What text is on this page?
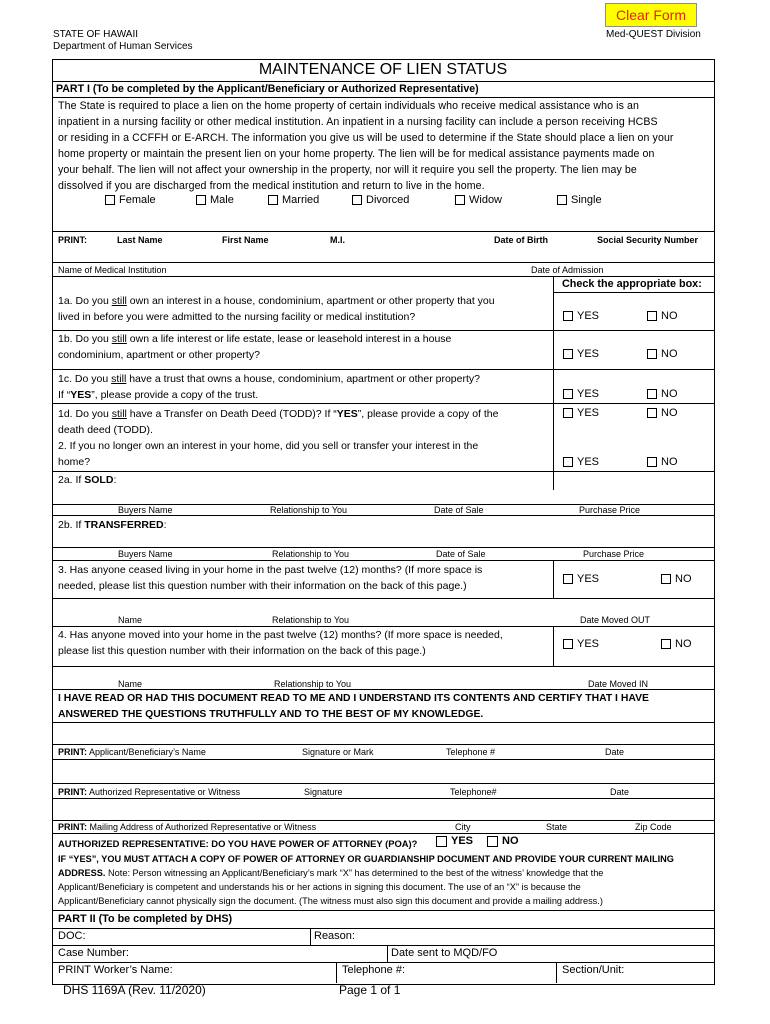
Clear Form
STATE OF HAWAII
Department of Human Services
Med-QUEST Division
MAINTENANCE OF LIEN STATUS
PART I (To be completed by the Applicant/Beneficiary or Authorized Representative)
The State is required to place a lien on the home property of certain individuals who receive medical assistance who is an
inpatient in a nursing facility or other medical institution. An inpatient in a nursing facility can include a person receiving HCBS
or residing in a CCFFH or E-ARCH. The information you give us will be used to determine if the State should place a lien on your
home property or maintain the present lien on your home property. The lien will be for medical assistance payments made on
your behalf. The lien will not affect your ownership in the property, nor will it require you sell the property. The lien may be
dissolved if you are discharged from the medical institution and return to live in the home.
Female	Male	Married	Divorced	Widow	Single
PRINT:	Last Name	First Name	M.I.	Date of Birth	Social Security Number
Name of Medical Institution	Date of Admission
Check the appropriate box:
1a. Do you still own an interest in a house, condominium, apartment or other property that you
lived in before you were admitted to the nursing facility or medical institution?	YES	NO
1b. Do you still own a life interest or life estate, lease or leasehold interest in a house
condominium, apartment or other property?	YES	NO
1c. Do you still have a trust that owns a house, condominium, apartment or other property?
If “YES”, please provide a copy of the trust.	YES	NO
1d. Do you still have a Transfer on Death Deed (TODD)? If “YES”, please provide a copy of the
death deed (TODD).
YES	NO
2. If you no longer own an interest in your home, did you sell or transfer your interest in the
home?	YES	NO
2a. If SOLD:
Buyers Name	Relationship to You	Date of Sale	Purchase Price
2b. If TRANSFERRED:
Buyers Name	Relationship to You	Date of Sale	Purchase Price
3. Has anyone ceased living in your home in the past twelve (12) months? (If more space is
needed, please list this question number with their information on the back of this page.)
YES	NO
Name	Relationship to You	Date Moved OUT
4. Has anyone moved into your home in the past twelve (12) months? (If more space is needed,
please list this question number with their information on the back of this page.)
YES	NO
Name	Relationship to You	Date Moved IN
I HAVE READ OR HAD THIS DOCUMENT READ TO ME AND I UNDERSTAND ITS CONTENTS AND CERTIFY THAT I HAVE
ANSWERED THE QUESTIONS TRUTHFULLY AND TO THE BEST OF MY KNOWLEDGE.
PRINT: Applicant/Beneficiary’s Name	Signature or Mark	Telephone #	Date
PRINT: Authorized Representative or Witness	Signature	Telephone#	Date
PRINT: Mailing Address of Authorized Representative or Witness	City	State	Zip Code
AUTHORIZED REPRESENTATIVE: DO YOU HAVE POWER OF ATTORNEY (POA)?	YES	NO
IF “YES”, YOU MUST ATTACH A COPY OF POWER OF ATTORNEY OR GUARDIANSHIP DOCUMENT AND PROVIDE YOUR CURRENT MAILING
ADDRESS. Note: Person witnessing an Applicant/Beneficiary’s mark “X” has determined to the best of the witness’ knowledge that the
Applicant/Beneficiary is competent and understands his or her actions in signing this document. The use of an “X” is because the
Applicant/Beneficiary cannot physically sign the document. (The witness must also sign this document and provide a mailing address.)
PART II (To be completed by DHS)
DOC:	Reason:
Case Number:	Date sent to MQD/FO
PRINT Worker’s Name:	Telephone #:	Section/Unit:
DHS 1169A (Rev. 11/2020)	Page 1 of 1
